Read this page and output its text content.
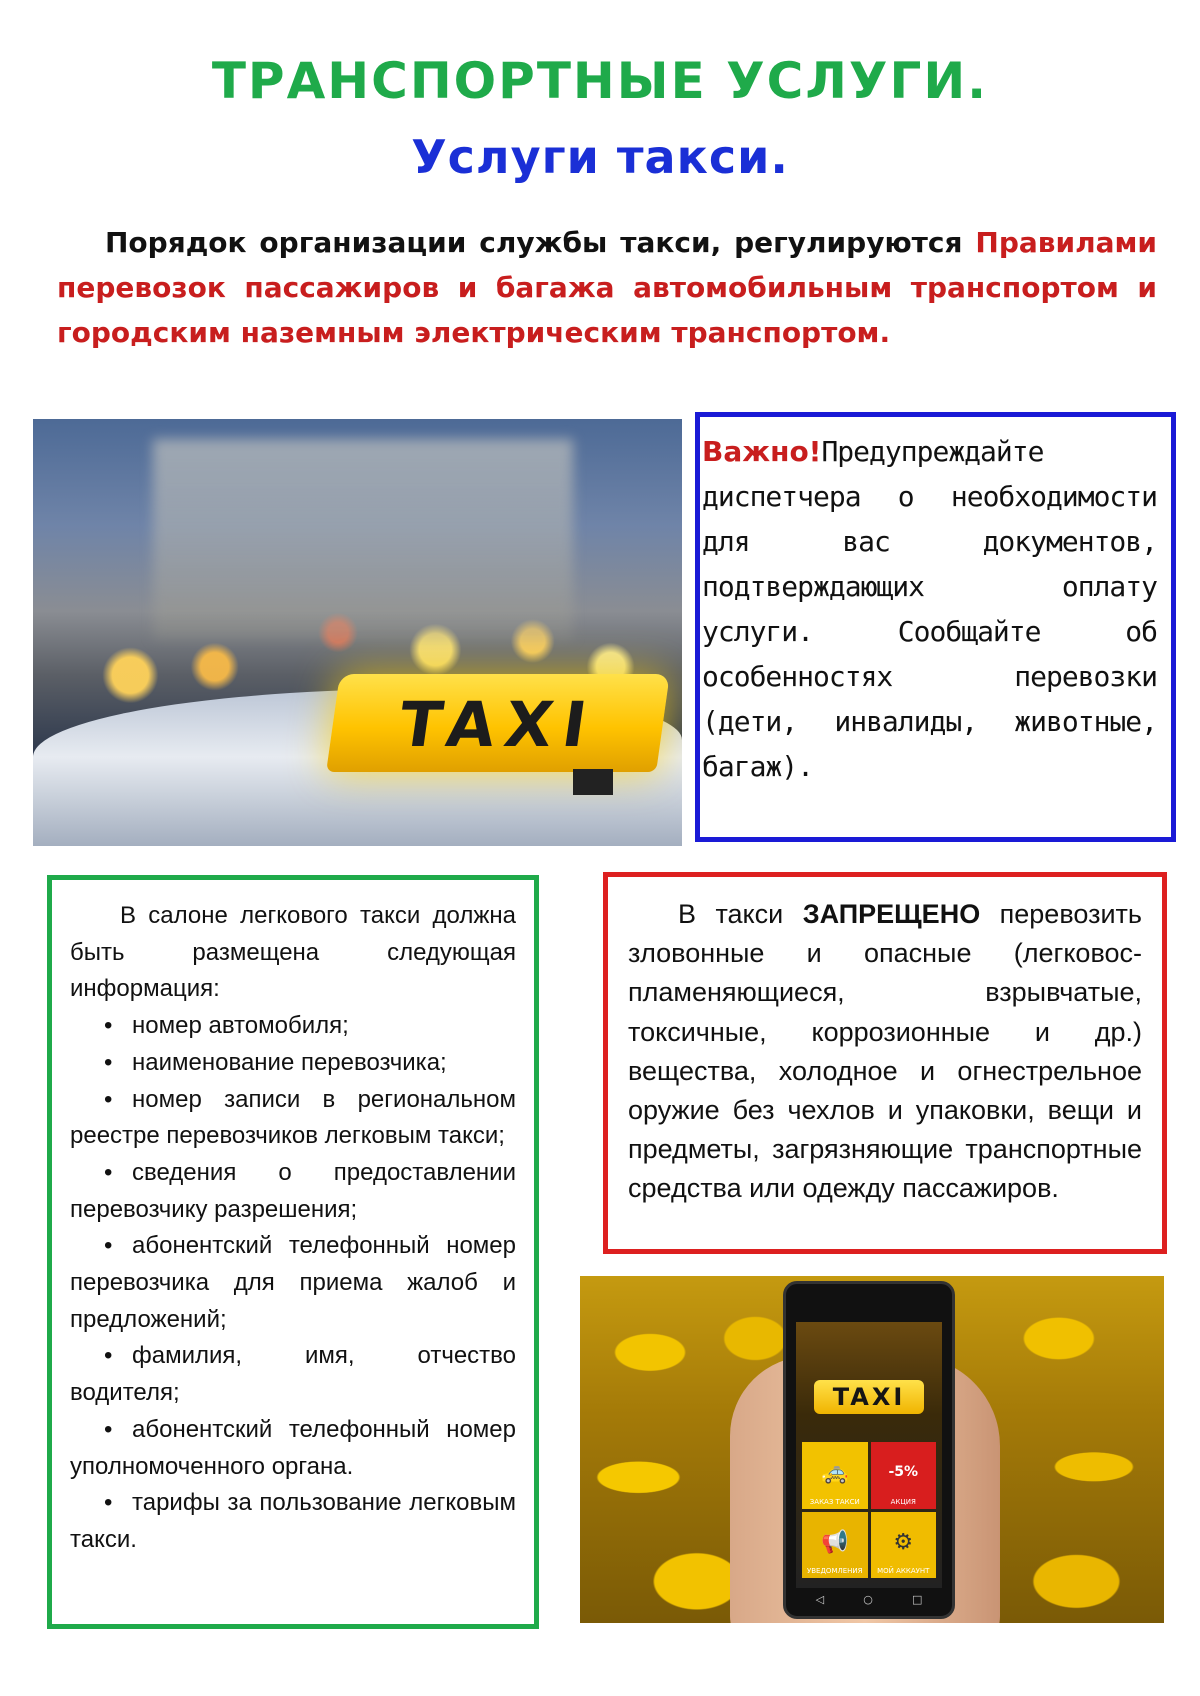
ТРАНСПОРТНЫЕ УСЛУГИ.
Услуги такси.
Порядок организации службы такси, регулируются Правилами перевозок пассажиров и багажа автомобильным транспортом и городским наземным электрическим транспортом.
TAXI

Важно!Предупреждайте диспетчера о необходимости для вас документов, подтверждающих оплату услуги. Сообщайте об особенностях перевозки (дети, инвалиды, животные, багаж).

В салоне легкового такси должна быть размещена следующая информация:

• номер автомобиля;
• наименование перевозчика;
• номер записи в региональном реестре перевозчиков легковым такси;
• сведения о предоставлении перевозчику разрешения;
• абонентский телефонный номер перевозчика для приема жалоб и предложений;
• фамилия, имя, отчество водителя;
• абонентский телефонный номер уполномоченного органа.
• тарифы за пользование легковым такси.

В такси ЗАПРЕЩЕНО перевозить зловонные и опасные (легковос-пламеняющиеся, взрывчатые, токсичные, коррозионные и др.) вещества, холодное и огнестрельное оружие без чехлов и упаковки, вещи и предметы, загрязняющие транспортные средства или одежду пассажиров.

TAXI
🚕
ЗАКАЗ ТАКСИ
-5%
АКЦИЯ
📢
УВЕДОМЛЕНИЯ
⚙
МОЙ АККАУНТ
◁	○	□
